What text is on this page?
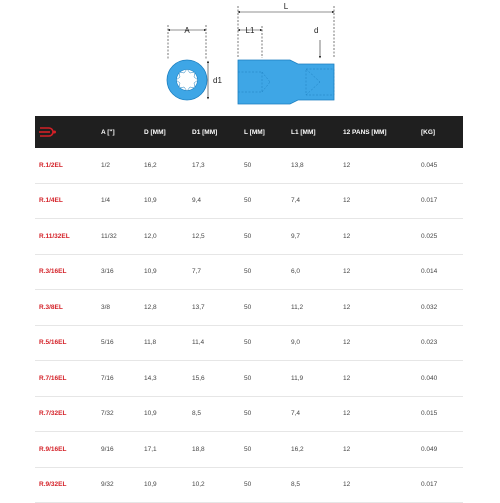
A
d1
L
L1	d
	A ["]	D [MM]	D1 [MM]	L [MM]	L1 [MM]	12 PANS [MM]	[KG]
R.1/2EL	1/2	16,2	17,3	50	13,8	12	0.045
R.1/4EL	1/4	10,9	9,4	50	7,4	12	0.017
R.11/32EL	11/32	12,0	12,5	50	9,7	12	0.025
R.3/16EL	3/16	10,9	7,7	50	6,0	12	0.014
R.3/8EL	3/8	12,8	13,7	50	11,2	12	0.032
R.5/16EL	5/16	11,8	11,4	50	9,0	12	0.023
R.7/16EL	7/16	14,3	15,6	50	11,9	12	0.040
R.7/32EL	7/32	10,9	8,5	50	7,4	12	0.015
R.9/16EL	9/16	17,1	18,8	50	16,2	12	0.049
R.9/32EL	9/32	10,9	10,2	50	8,5	12	0.017
